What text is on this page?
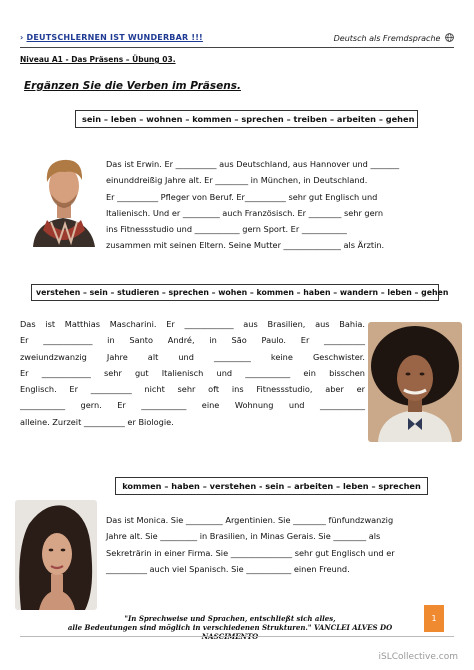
› DEUTSCHLERNEN IST WUNDERBAR !!!	Deutsch als Fremdsprache
Niveau A1 - Das Präsens – Übung 03.
Ergänzen Sie die Verben im Präsens.
sein – leben – wohnen – kommen – sprechen – treiben – arbeiten – gehen
Das ist Erwin. Er __________ aus Deutschland, aus Hannover und _______
einunddreißig Jahre alt. Er ________ in München, in Deutschland.
Er __________ Pfleger von Beruf. Er__________ sehr gut Englisch und
Italienisch. Und er _________ auch Französisch. Er ________ sehr gern
ins Fitnessstudio und ___________ gern Sport. Er ___________
zusammen mit seinen Eltern. Seine Mutter ______________ als Ärztin.
verstehen – sein – studieren – sprechen – wohen – kommen – haben – wandern – leben – gehen
Das ist Matthias Mascharini. Er ____________ aus Brasilien, aus Bahia.
Er ____________ in Santo André, in São Paulo. Er __________
zweiundzwanzig Jahre alt und _________ keine Geschwister.
Er ____________ sehr gut Italienisch und ___________ ein bisschen
Englisch. Er __________ nicht sehr oft ins Fitnessstudio, aber er
___________ gern. Er ___________ eine Wohnung und ___________
alleine. Zurzeit __________ er Biologie.
kommen – haben – verstehen - sein – arbeiten – leben – sprechen
Das ist Monica. Sie _________ Argentinien. Sie ________ fünfundzwanzig
Jahre alt. Sie _________ in Brasilien, in Minas Gerais. Sie ________ als
Sekreträrin in einer Firma. Sie _______________ sehr gut Englisch und er
__________ auch viel Spanisch. Sie ___________ einen Freund.
"In Sprechweise und Sprachen, entschließt sich alles,
alle Bedeutungen sind möglich in verschiedenen Strukturen." VANCLEI ALVES DO NASCIMENTO
1
iSLCollective.com
